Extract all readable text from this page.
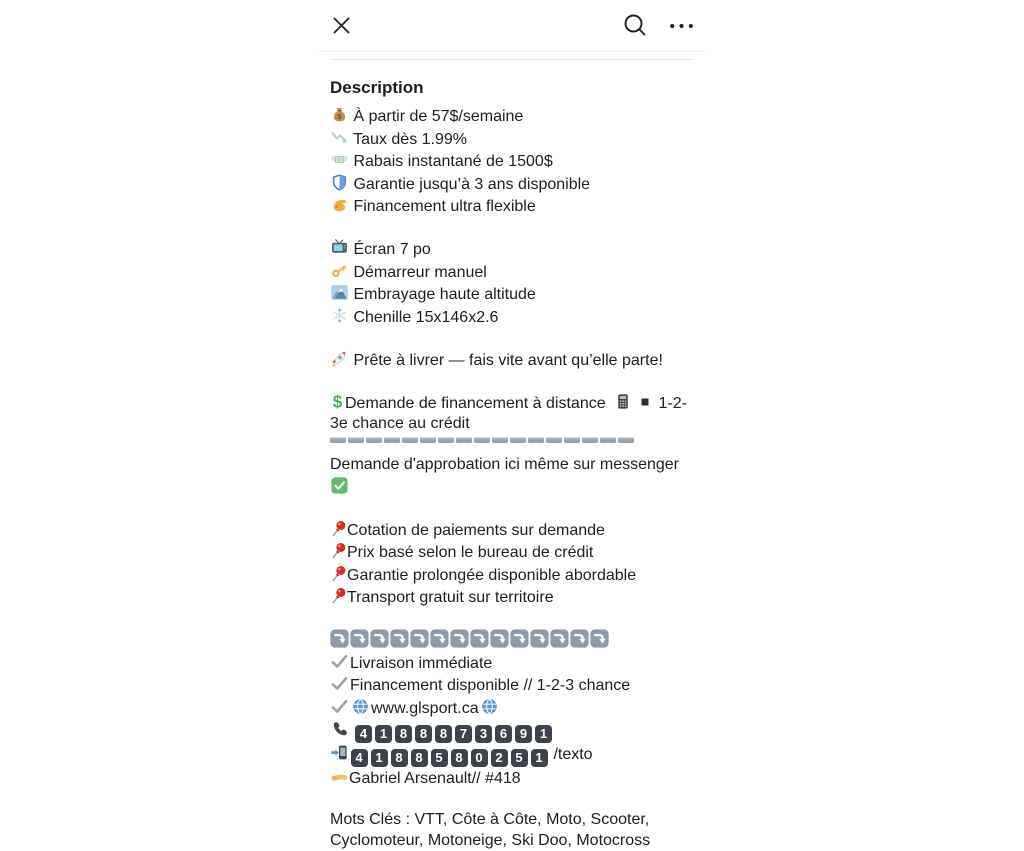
Description
$ À partir de 57$/semaine
Taux dès 1.99%
Rabais instantané de 1500$
Garantie jusqu’à 3 ans disponible
Financement ultra flexible

Écran 7 po
Démarreur manuel
Embrayage haute altitude
Chenille 15x146x2.6

Prête à livrer — fais vite avant qu’elle parte!

$ Demande de financement à distance	1-2-3e chance au crédit
Demande d'approbation ici même sur messenger

Cotation de paiements sur demande
Prix basé selon le bureau de crédit
Garantie prolongée disponible abordable
Transport gratuit sur territoire

Livraison immédiate
Financement disponible // 1-2-3 chance
www.glsport.ca
4 1 8 8 8 7 3 6 9 1
4 1 8 8 5 8 0 2 5 1 /texto
Gabriel Arsenault// #418

Mots Clés : VTT, Côte à Côte, Moto, Scooter,
Cyclomoteur, Motoneige, Ski Doo, Motocross
